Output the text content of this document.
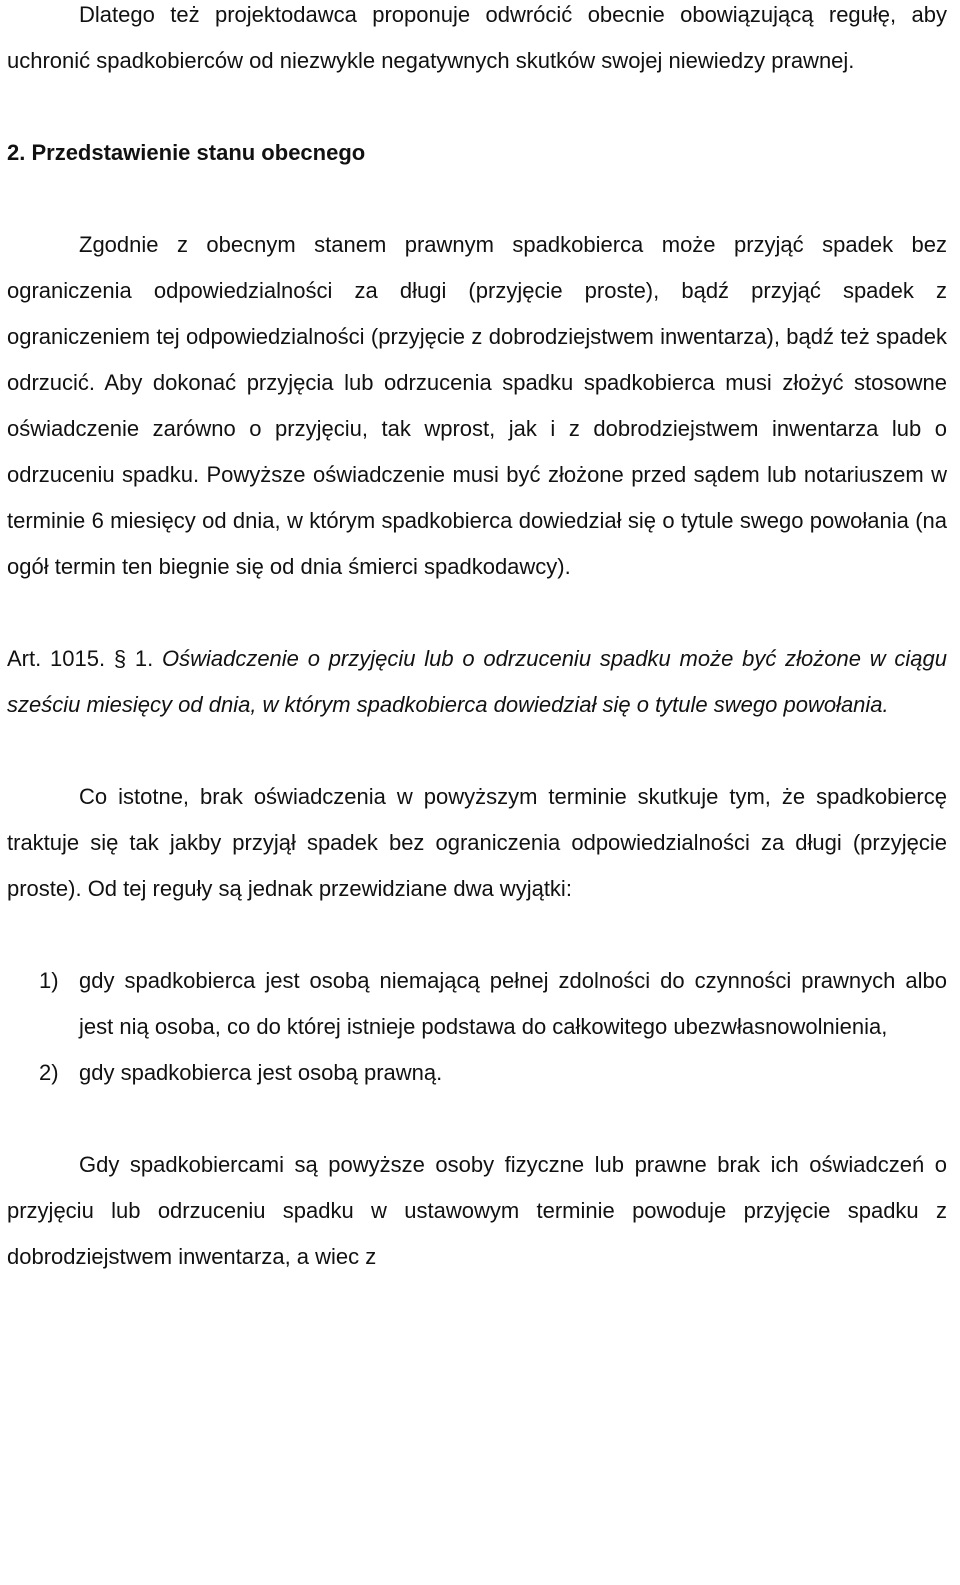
Dlatego też projektodawca proponuje odwrócić obecnie obowiązującą regułę, aby uchronić spadkobierców od niezwykle negatywnych skutków swojej niewiedzy prawnej.

2. Przedstawienie stanu obecnego

Zgodnie z obecnym stanem prawnym spadkobierca może przyjąć spadek bez ograniczenia odpowiedzialności za długi (przyjęcie proste), bądź przyjąć spadek z ograniczeniem tej odpowiedzialności (przyjęcie z dobrodziejstwem inwentarza), bądź też spadek odrzucić. Aby dokonać przyjęcia lub odrzucenia spadku spadkobierca musi złożyć stosowne oświadczenie zarówno o przyjęciu, tak wprost, jak i z dobrodziejstwem inwentarza lub o odrzuceniu spadku. Powyższe oświadczenie musi być złożone przed sądem lub notariuszem w terminie 6 miesięcy od dnia, w którym spadkobierca dowiedział się o tytule swego powołania (na ogół termin ten biegnie się od dnia śmierci spadkodawcy).

Art. 1015. § 1. Oświadczenie o przyjęciu lub o odrzuceniu spadku może być złożone w ciągu sześciu miesięcy od dnia, w którym spadkobierca dowiedział się o tytule swego powołania.

Co istotne, brak oświadczenia w powyższym terminie skutkuje tym, że spadkobiercę traktuje się tak jakby przyjął spadek bez ograniczenia odpowiedzialności za długi (przyjęcie proste). Od tej reguły są jednak przewidziane dwa wyjątki:

1) gdy spadkobierca jest osobą niemającą pełnej zdolności do czynności prawnych albo jest nią osoba, co do której istnieje podstawa do całkowitego ubezwłasnowolnienia,
2) gdy spadkobierca jest osobą prawną.

Gdy spadkobiercami są powyższe osoby fizyczne lub prawne brak ich oświadczeń o przyjęciu lub odrzuceniu spadku w ustawowym terminie powoduje przyjęcie spadku z dobrodziejstwem inwentarza, a wiec z
